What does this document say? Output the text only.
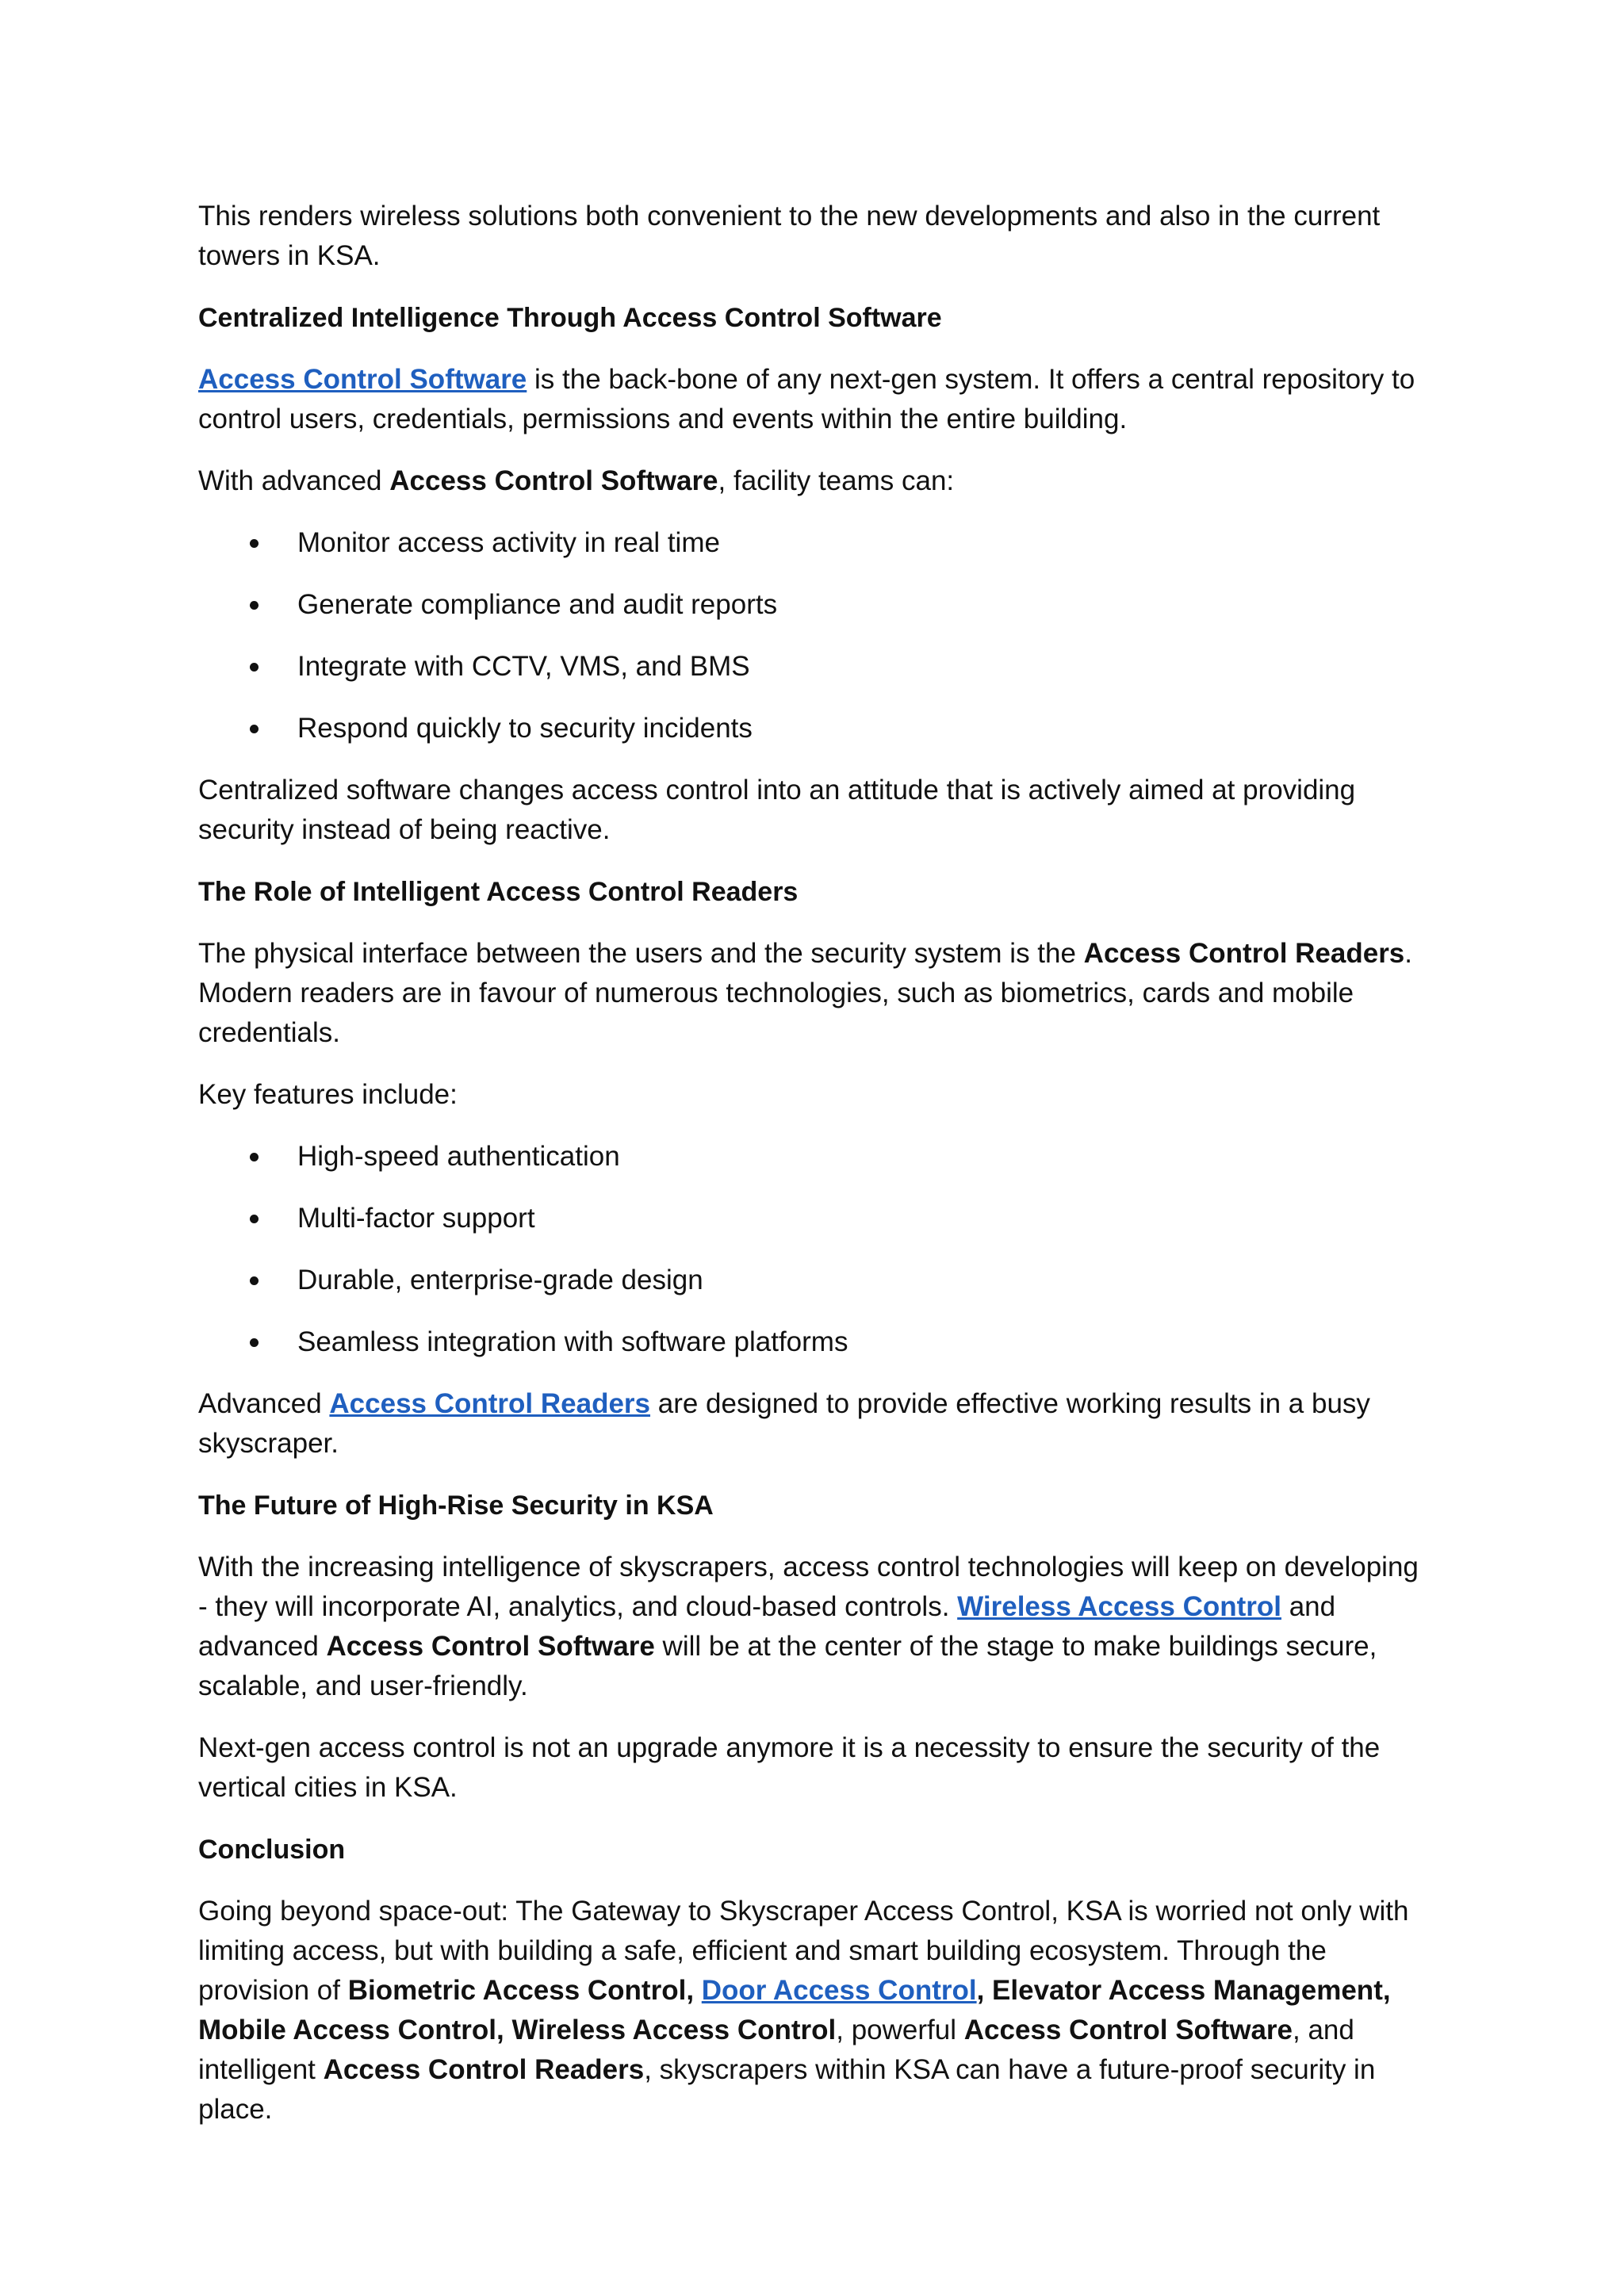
This renders wireless solutions both convenient to the new developments and also in the current towers in KSA.

Centralized Intelligence Through Access Control Software

Access Control Software is the back-bone of any next-gen system. It offers a central repository to control users, credentials, permissions and events within the entire building.

With advanced Access Control Software, facility teams can:

Monitor access activity in real time
Generate compliance and audit reports
Integrate with CCTV, VMS, and BMS
Respond quickly to security incidents

Centralized software changes access control into an attitude that is actively aimed at providing security instead of being reactive.

The Role of Intelligent Access Control Readers

The physical interface between the users and the security system is the Access Control Readers. Modern readers are in favour of numerous technologies, such as biometrics, cards and mobile credentials.

Key features include:

High-speed authentication
Multi-factor support
Durable, enterprise-grade design
Seamless integration with software platforms

Advanced Access Control Readers are designed to provide effective working results in a busy skyscraper.

The Future of High-Rise Security in KSA

With the increasing intelligence of skyscrapers, access control technologies will keep on developing - they will incorporate AI, analytics, and cloud-based controls. Wireless Access Control and advanced Access Control Software will be at the center of the stage to make buildings secure, scalable, and user-friendly.

Next-gen access control is not an upgrade anymore it is a necessity to ensure the security of the vertical cities in KSA.

Conclusion

Going beyond space-out: The Gateway to Skyscraper Access Control, KSA is worried not only with limiting access, but with building a safe, efficient and smart building ecosystem. Through the provision of Biometric Access Control, Door Access Control, Elevator Access Management, Mobile Access Control, Wireless Access Control, powerful Access Control Software, and intelligent Access Control Readers, skyscrapers within KSA can have a future-proof security in place.
